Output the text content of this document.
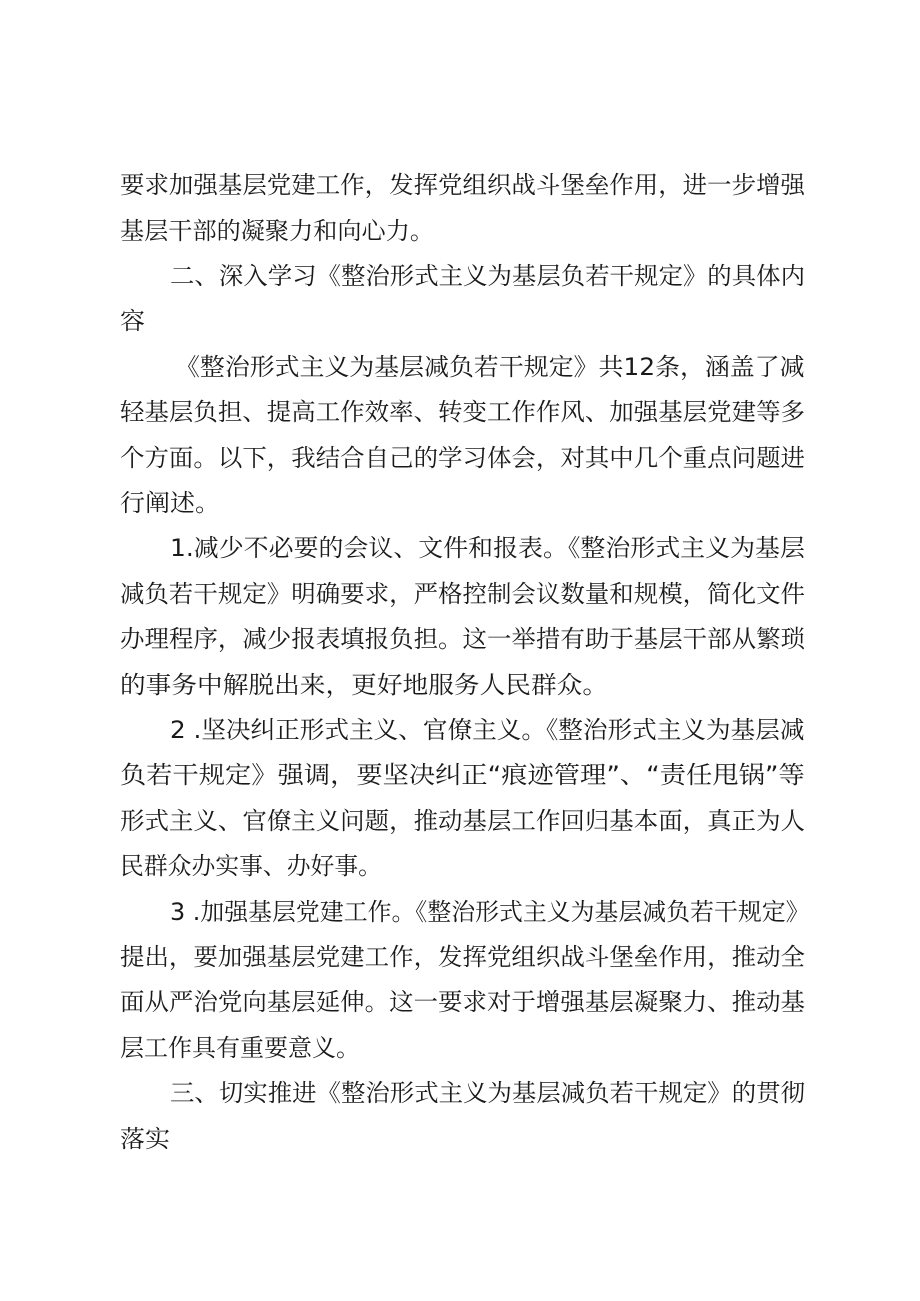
要求加强基层党建工作，发挥党组织战斗堡垒作用，进一步增强
基层干部的凝聚力和向心力。
二、深入学习《整治形式主义为基层负若干规定》的具体内
容
《整治形式主义为基层减负若干规定》共12条，涵盖了减
轻基层负担、提高工作效率、转变工作作风、加强基层党建等多
个方面。以下，我结合自己的学习体会，对其中几个重点问题进
行阐述。
1.减少不必要的会议、文件和报表。《整治形式主义为基层
减负若干规定》明确要求，严格控制会议数量和规模，简化文件
办理程序，减少报表填报负担。这一举措有助于基层干部从繁琐
的事务中解脱出来，更好地服务人民群众。
2 .坚决纠正形式主义、官僚主义。《整治形式主义为基层减
负若干规定》强调，要坚决纠正“痕迹管理”、“责任甩锅”等
形式主义、官僚主义问题，推动基层工作回归基本面，真正为人
民群众办实事、办好事。
3 .加强基层党建工作。《整治形式主义为基层减负若干规定》
提出，要加强基层党建工作，发挥党组织战斗堡垒作用，推动全
面从严治党向基层延伸。这一要求对于增强基层凝聚力、推动基
层工作具有重要意义。
三、切实推进《整治形式主义为基层减负若干规定》的贯彻
落实
